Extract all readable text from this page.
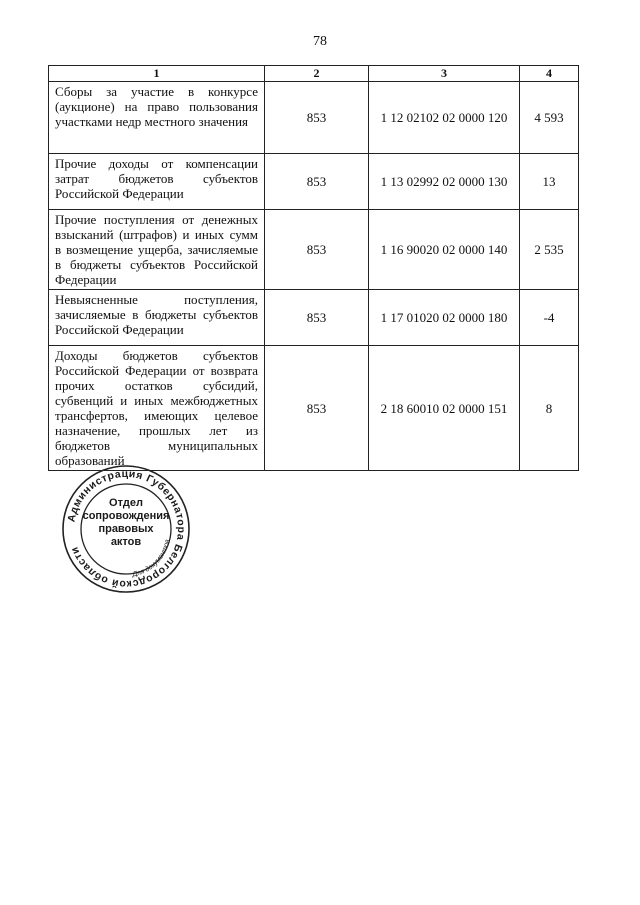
78
1	2	3	4
Сборы за участие в конкурсе (аукционе) на право пользования участками недр местного значения	853	1 12 02102 02 0000 120	4 593
Прочие доходы от компенсации затрат бюджетов субъектов Российской Федерации	853	1 13 02992 02 0000 130	13
Прочие поступления от денежных взысканий (штрафов) и иных сумм в возмещение ущерба, зачисляемые в бюджеты субъектов Российской Федерации	853	1 16 90020 02 0000 140	2 535
Невыясненные поступления, зачисляемые в бюджеты субъектов Российской Федерации	853	1 17 01020 02 0000 180	-4
Доходы бюджетов субъектов Российской Федерации от возврата прочих остатков субсидий, субвенций и иных межбюджетных трансфертов, имеющих целевое назначение, прошлых лет из бюджетов муниципальных образований	853	2 18 60010 02 0000 151	8
Администрация Губернатора Белгородской области
Для документов
Отдел
сопровождения
правовых
актов
